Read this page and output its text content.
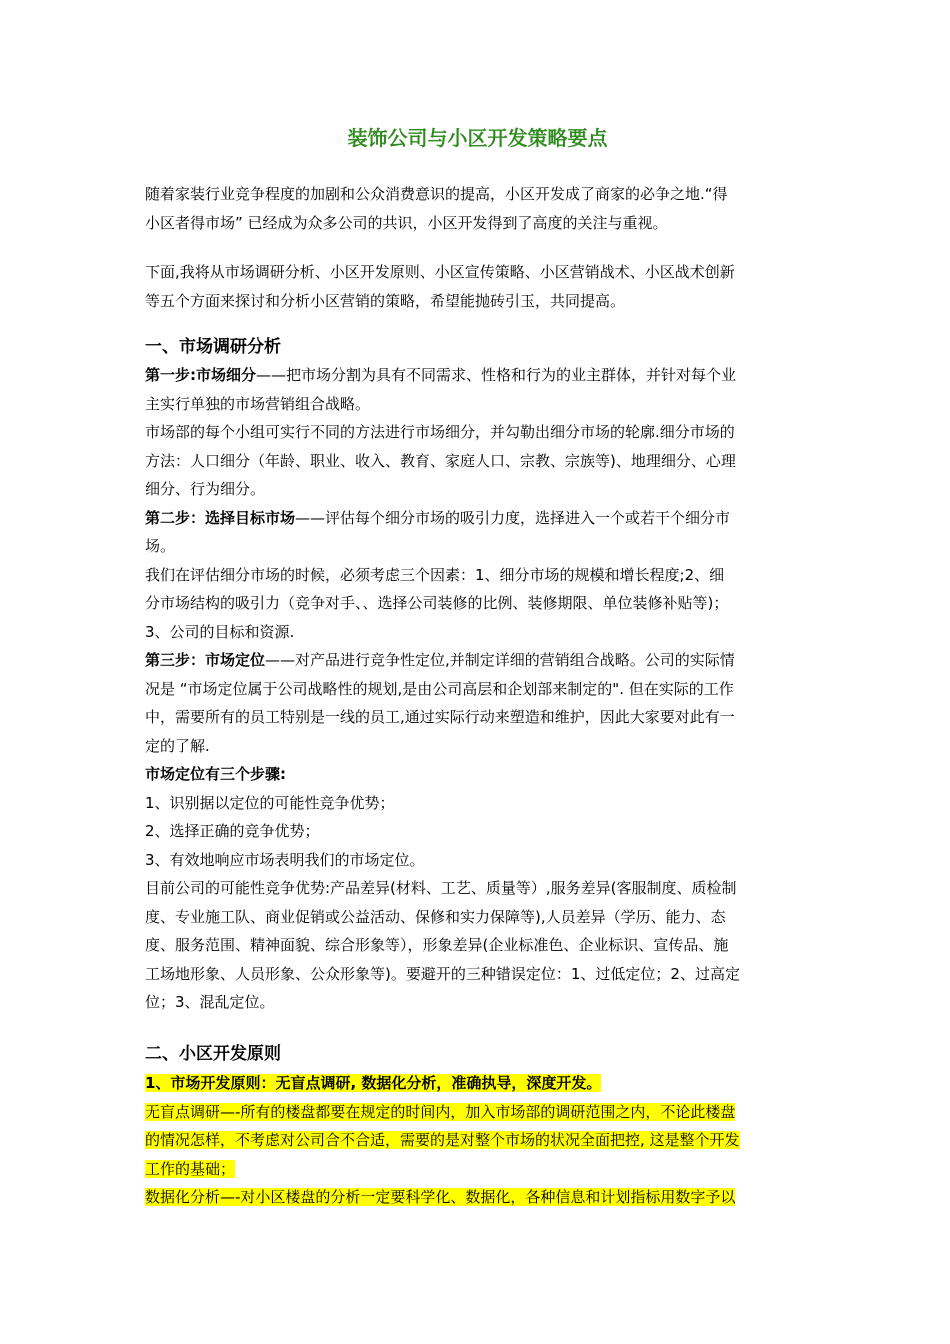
装饰公司与小区开发策略要点
随着家装行业竞争程度的加剧和公众消费意识的提高，小区开发成了商家的必争之地.“得
小区者得市场” 已经成为众多公司的共识，小区开发得到了高度的关注与重视。
下面,我将从市场调研分析、小区开发原则、小区宣传策略、小区营销战术、小区战术创新
等五个方面来探讨和分析小区营销的策略，希望能抛砖引玉，共同提高。
一、市场调研分析
第一步:市场细分——把市场分割为具有不同需求、性格和行为的业主群体，并针对每个业
主实行单独的市场营销组合战略。
市场部的每个小组可实行不同的方法进行市场细分，并勾勒出细分市场的轮廓.细分市场的
方法：人口细分（年龄、职业、收入、教育、家庭人口、宗教、宗族等)、地理细分、心理
细分、行为细分。
第二步：选择目标市场——评估每个细分市场的吸引力度，选择进入一个或若干个细分市
场。
我们在评估细分市场的时候，必须考虑三个因素：1、细分市场的规模和增长程度;2、细
分市场结构的吸引力（竞争对手、、选择公司装修的比例、装修期限、单位装修补贴等)；
3、公司的目标和资源.
第三步：市场定位——对产品进行竞争性定位,并制定详细的营销组合战略。公司的实际情
况是 “市场定位属于公司战略性的规划,是由公司高层和企划部来制定的". 但在实际的工作
中，需要所有的员工特别是一线的员工,通过实际行动来塑造和维护，因此大家要对此有一
定的了解.
市场定位有三个步骤:
1、识别据以定位的可能性竞争优势；
2、选择正确的竞争优势；
3、有效地响应市场表明我们的市场定位。
目前公司的可能性竞争优势:产品差异(材料、工艺、质量等）,服务差异(客服制度、质检制
度、专业施工队、商业促销或公益活动、保修和实力保障等),人员差异（学历、能力、态
度、服务范围、精神面貌、综合形象等），形象差异(企业标准色、企业标识、宣传品、施
工场地形象、人员形象、公众形象等)。要避开的三种错误定位：1、过低定位；2、过高定
位；3、混乱定位。
二、小区开发原则
1、市场开发原则：无盲点调研, 数据化分析，准确执导，深度开发。
无盲点调研—-所有的楼盘都要在规定的时间内，加入市场部的调研范围之内，不论此楼盘
的情况怎样，不考虑对公司合不合适，需要的是对整个市场的状况全面把控, 这是整个开发
工作的基础；
数据化分析—-对小区楼盘的分析一定要科学化、数据化，各种信息和计划指标用数字予以
